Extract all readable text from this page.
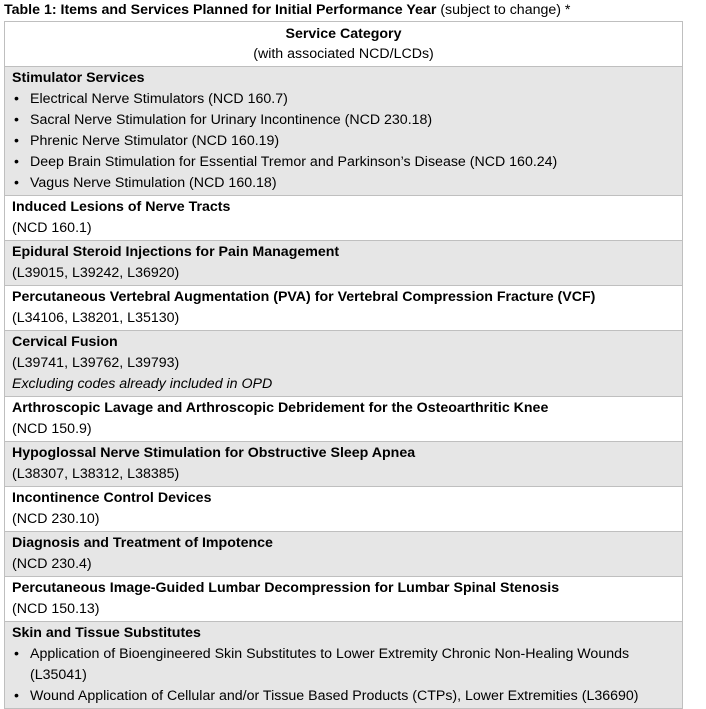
Table 1: Items and Services Planned for Initial Performance Year (subject to change) *
Service Category
(with associated NCD/LCDs)
Stimulator Services
• Electrical Nerve Stimulators (NCD 160.7)
• Sacral Nerve Stimulation for Urinary Incontinence (NCD 230.18)
• Phrenic Nerve Stimulator (NCD 160.19)
• Deep Brain Stimulation for Essential Tremor and Parkinson’s Disease (NCD 160.24)
• Vagus Nerve Stimulation (NCD 160.18)
Induced Lesions of Nerve Tracts
(NCD 160.1)
Epidural Steroid Injections for Pain Management
(L39015, L39242, L36920)
Percutaneous Vertebral Augmentation (PVA) for Vertebral Compression Fracture (VCF)
(L34106, L38201, L35130)
Cervical Fusion
(L39741, L39762, L39793)
Excluding codes already included in OPD
Arthroscopic Lavage and Arthroscopic Debridement for the Osteoarthritic Knee
(NCD 150.9)
Hypoglossal Nerve Stimulation for Obstructive Sleep Apnea
(L38307, L38312, L38385)
Incontinence Control Devices
(NCD 230.10)
Diagnosis and Treatment of Impotence
(NCD 230.4)
Percutaneous Image-Guided Lumbar Decompression for Lumbar Spinal Stenosis
(NCD 150.13)
Skin and Tissue Substitutes
• Application of Bioengineered Skin Substitutes to Lower Extremity Chronic Non-Healing Wounds (L35041)
• Wound Application of Cellular and/or Tissue Based Products (CTPs), Lower Extremities (L36690)
